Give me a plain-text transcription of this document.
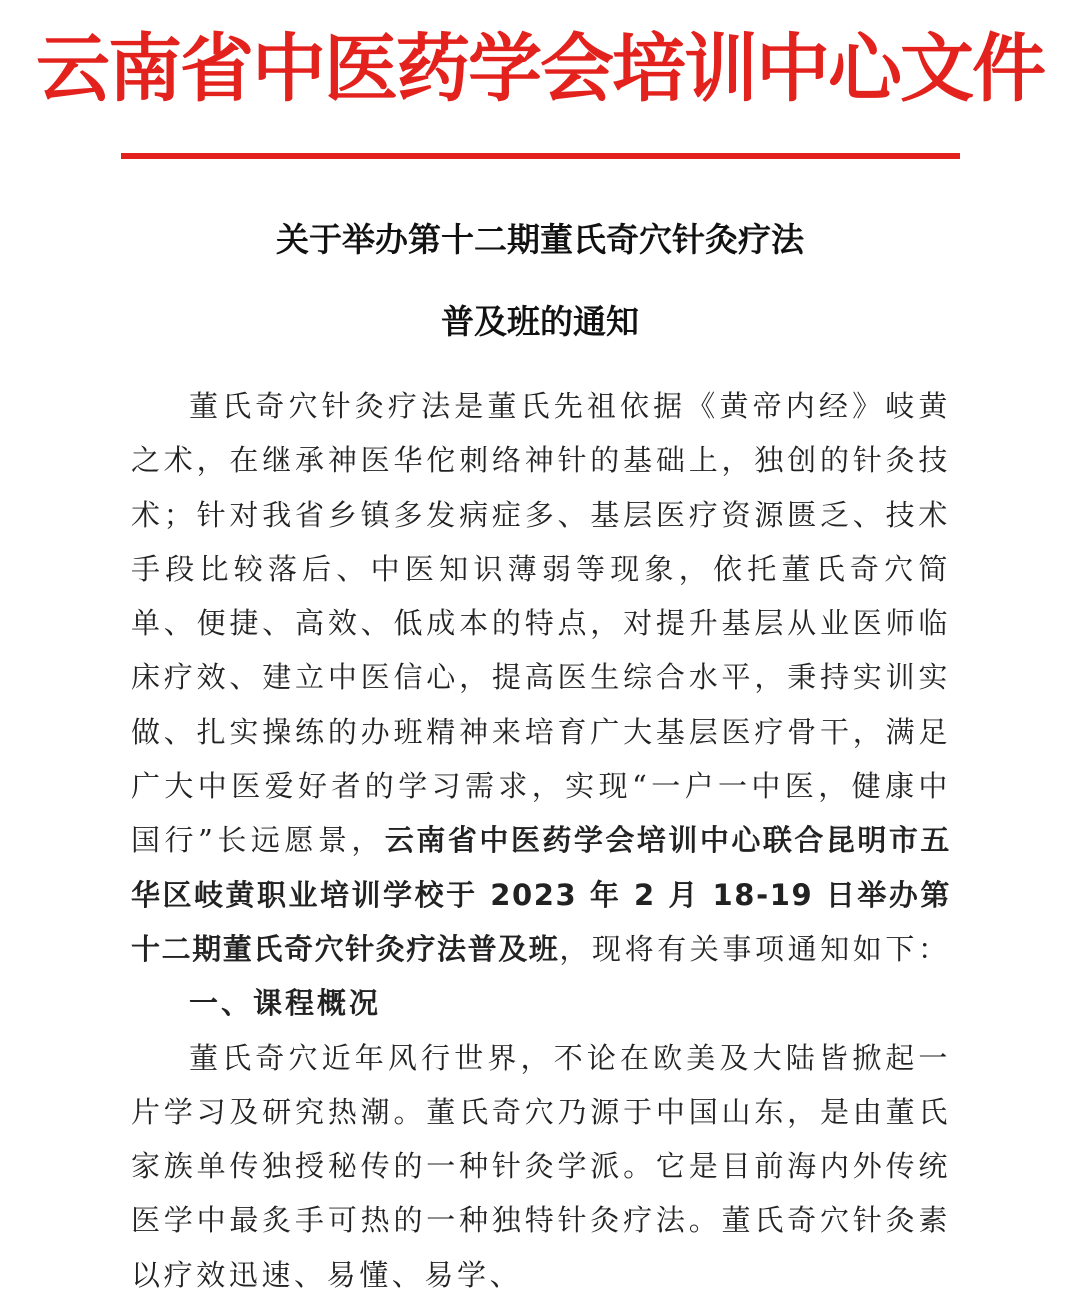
云南省中医药学会培训中心文件
关于举办第十二期董氏奇穴针灸疗法
普及班的通知

董氏奇穴针灸疗法是董氏先祖依据《黄帝内经》岐黄之术，在继承神医华佗刺络神针的基础上，独创的针灸技术；针对我省乡镇多发病症多、基层医疗资源匮乏、技术手段比较落后、中医知识薄弱等现象，依托董氏奇穴简单、便捷、高效、低成本的特点，对提升基层从业医师临床疗效、建立中医信心，提高医生综合水平，秉持实训实做、扎实操练的办班精神来培育广大基层医疗骨干，满足广大中医爱好者的学习需求，实现“一户一中医，健康中国行”长远愿景，云南省中医药学会培训中心联合昆明市五华区岐黄职业培训学校于 2023 年 2 月 18-19 日举办第十二期董氏奇穴针灸疗法普及班，现将有关事项通知如下：

一、课程概况

董氏奇穴近年风行世界，不论在欧美及大陆皆掀起一片学习及研究热潮。董氏奇穴乃源于中国山东，是由董氏家族单传独授秘传的一种针灸学派。它是目前海内外传统医学中最炙手可热的一种独特针灸疗法。董氏奇穴针灸素以疗效迅速、易懂、易学、
